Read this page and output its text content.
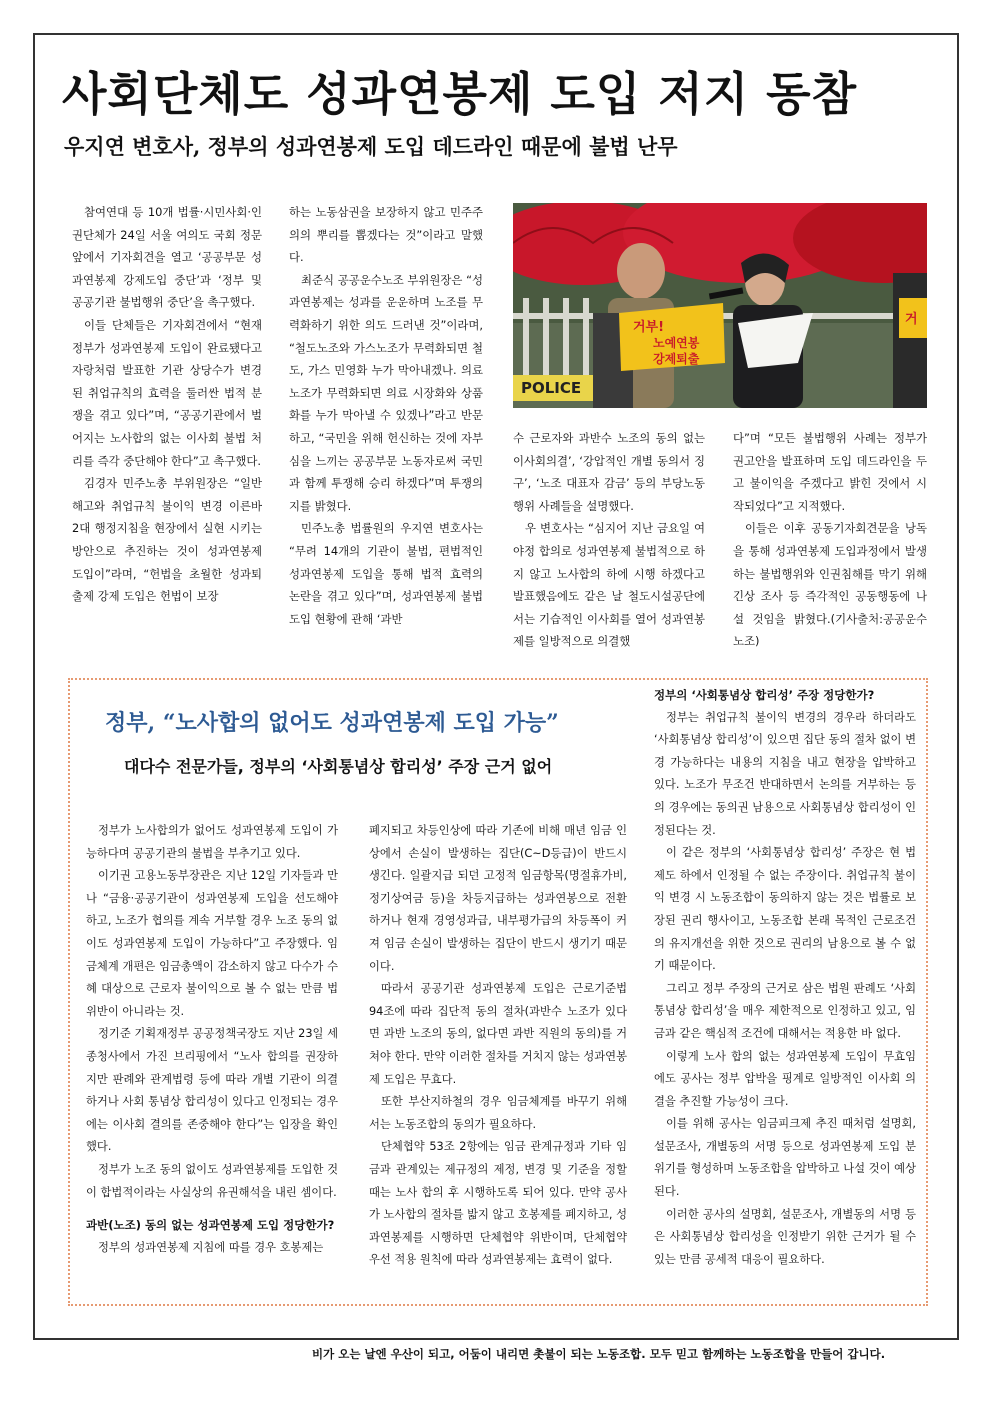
사회단체도 성과연봉제 도입 저지 동참
우지연 변호사, 정부의 성과연봉제 도입 데드라인 때문에 불법 난무

참여연대 등 10개 법률·시민사회·인권단체가 24일 서울 여의도 국회 정문 앞에서 기자회견을 열고 ‘공공부문 성과연봉제 강제도입 중단’과 ‘정부 및 공공기관 불법행위 중단’을 촉구했다.

이들 단체들은 기자회견에서 “현재 정부가 성과연봉제 도입이 완료됐다고 자랑처럼 발표한 기관 상당수가 변경된 취업규칙의 효력을 둘러싼 법적 분쟁을 겪고 있다”며, “공공기관에서 벌어지는 노사합의 없는 이사회 불법 처리를 즉각 중단해야 한다”고 촉구했다.

김경자 민주노총 부위원장은 “일반해고와 취업규칙 불이익 변경 이른바 2대 행정지침을 현장에서 실현 시키는 방안으로 추진하는 것이 성과연봉제 도입이”라며, “헌법을 초월한 성과퇴출제 강제 도입은 헌법이 보장

하는 노동삼권을 보장하지 않고 민주주의의 뿌리를 뽑겠다는 것”이라고 말했다.

최준식 공공운수노조 부위원장은 “성과연봉제는 성과를 운운하며 노조를 무력화하기 위한 의도 드러낸 것”이라며, “철도노조와 가스노조가 무력화되면 철도, 가스 민영화 누가 막아내겠나. 의료노조가 무력화되면 의료 시장화와 상품화를 누가 막아낼 수 있겠나”라고 반문하고, “국민을 위해 헌신하는 것에 자부심을 느끼는 공공부문 노동자로써 국민과 함께 투쟁해 승리 하겠다”며 투쟁의지를 밝혔다.

민주노총 법률원의 우지연 변호사는 “무려 14개의 기관이 불법, 편법적인 성과연봉제 도입을 통해 법적 효력의 논란을 겪고 있다”며, 성과연봉제 불법 도입 현황에 관해 ‘과반

POLICE
거부!
노예연봉
강제퇴출
거

수 근로자와 과반수 노조의 동의 없는 이사회의결’, ‘강압적인 개별 동의서 징구’, ‘노조 대표자 감금’ 등의 부당노동행위 사례들을 설명했다.

우 변호사는 “심지어 지난 금요일 여야정 합의로 성과연봉제 불법적으로 하지 않고 노사합의 하에 시행 하겠다고 발표했음에도 같은 날 철도시설공단에서는 기습적인 이사회를 열어 성과연봉제를 일방적으로 의결했

다”며 “모든 불법행위 사례는 정부가 권고안을 발표하며 도입 데드라인을 두고 불이익을 주겠다고 밝힌 것에서 시작되었다”고 지적했다.

이들은 이후 공동기자회견문을 낭독을 통해 성과연봉제 도입과정에서 발생하는 불법행위와 인권침해를 막기 위해 긴상 조사 등 즉각적인 공동행동에 나설 것임을 밝혔다.(기사출처:공공운수노조)

정부, “노사합의 없어도 성과연봉제 도입 가능”
대다수 전문가들, 정부의 ‘사회통념상 합리성’ 주장 근거 없어

정부가 노사합의가 없어도 성과연봉제 도입이 가능하다며 공공기관의 불법을 부추기고 있다.

이기권 고용노동부장관은 지난 12일 기자들과 만나 “금융·공공기관이 성과연봉제 도입을 선도해야 하고, 노조가 협의를 계속 거부할 경우 노조 동의 없이도 성과연봉제 도입이 가능하다”고 주장했다. 임금체계 개편은 임금총액이 감소하지 않고 다수가 수혜 대상으로 근로자 불이익으로 볼 수 없는 만큼 법 위반이 아니라는 것.

정기준 기획재정부 공공정책국장도 지난 23일 세종청사에서 가진 브리핑에서 “노사 합의를 권장하지만 판례와 관계법령 등에 따라 개별 기관이 의결하거나 사회 통념상 합리성이 있다고 인정되는 경우에는 이사회 결의를 존중해야 한다”는 입장을 확인했다.

정부가 노조 동의 없이도 성과연봉제를 도입한 것이 합법적이라는 사실상의 유권해석을 내린 셈이다.

과반(노조) 동의 없는 성과연봉제 도입 정당한가?

정부의 성과연봉제 지침에 따를 경우 호봉제는

폐지되고 차등인상에 따라 기존에 비해 매년 임금 인상에서 손실이 발생하는 집단(C~D등급)이 반드시 생긴다. 일괄지급 되던 고정적 임금항목(명절휴가비, 정기상여금 등)을 차등지급하는 성과연봉으로 전환하거나 현재 경영성과급, 내부평가급의 차등폭이 커져 임금 손실이 발생하는 집단이 반드시 생기기 때문이다.

따라서 공공기관 성과연봉제 도입은 근로기준법 94조에 따라 집단적 동의 절차(과반수 노조가 있다면 과반 노조의 동의, 없다면 과반 직원의 동의)를 거쳐야 한다. 만약 이러한 절차를 거치지 않는 성과연봉제 도입은 무효다.

또한 부산지하철의 경우 임금체계를 바꾸기 위해서는 노동조합의 동의가 필요하다.

단체협약 53조 2항에는 임금 관계규정과 기타 임금과 관계있는 제규정의 제정, 변경 및 기준을 정할 때는 노사 합의 후 시행하도록 되어 있다. 만약 공사가 노사합의 절차를 밟지 않고 호봉제를 폐지하고, 성과연봉제를 시행하면 단체협약 위반이며, 단체협약 우선 적용 원칙에 따라 성과연봉제는 효력이 없다.

정부의 ‘사회통념상 합리성’ 주장 정당한가?

정부는 취업규칙 불이익 변경의 경우라 하더라도 ‘사회통념상 합리성’이 있으면 집단 동의 절차 없이 변경 가능하다는 내용의 지침을 내고 현장을 압박하고 있다. 노조가 무조건 반대하면서 논의를 거부하는 등의 경우에는 동의권 남용으로 사회통념상 합리성이 인정된다는 것.

이 같은 정부의 ‘사회통념상 합리성’ 주장은 현 법 제도 하에서 인정될 수 없는 주장이다. 취업규칙 불이익 변경 시 노동조합이 동의하지 않는 것은 법률로 보장된 권리 행사이고, 노동조합 본래 목적인 근로조건의 유지개선을 위한 것으로 권리의 남용으로 볼 수 없기 때문이다.

그리고 정부 주장의 근거로 삼은 법원 판례도 ‘사회통념상 합리성’을 매우 제한적으로 인정하고 있고, 임금과 같은 핵심적 조건에 대해서는 적용한 바 없다.

이렇게 노사 합의 없는 성과연봉제 도입이 무효임에도 공사는 정부 압박을 핑계로 일방적인 이사회 의결을 추진할 가능성이 크다.

이를 위해 공사는 임금피크제 추진 때처럼 설명회, 설문조사, 개별동의 서명 등으로 성과연봉제 도입 분위기를 형성하며 노동조합을 압박하고 나설 것이 예상된다.

이러한 공사의 설명회, 설문조사, 개별동의 서명 등은 사회통념상 합리성을 인정받기 위한 근거가 될 수 있는 만큼 공세적 대응이 필요하다.

비가 오는 날엔 우산이 되고, 어둠이 내리면 촛불이 되는 노동조합. 모두 믿고 함께하는 노동조합을 만들어 갑니다.
